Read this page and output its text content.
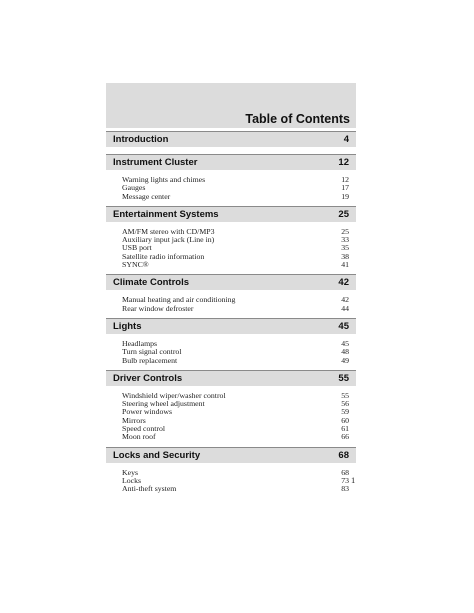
Table of Contents
Introduction	4
Instrument Cluster	12
Warning lights and chimes	12
Gauges	17
Message center	19
Entertainment Systems	25
AM/FM stereo with CD/MP3	25
Auxiliary input jack (Line in)	33
USB port	35
Satellite radio information	38
SYNC®	41
Climate Controls	42
Manual heating and air conditioning	42
Rear window defroster	44
Lights	45
Headlamps	45
Turn signal control	48
Bulb replacement	49
Driver Controls	55
Windshield wiper/washer control	55
Steering wheel adjustment	56
Power windows	59
Mirrors	60
Speed control	61
Moon roof	66
Locks and Security	68
Keys	68
Locks	73
Anti-theft system	83
1
